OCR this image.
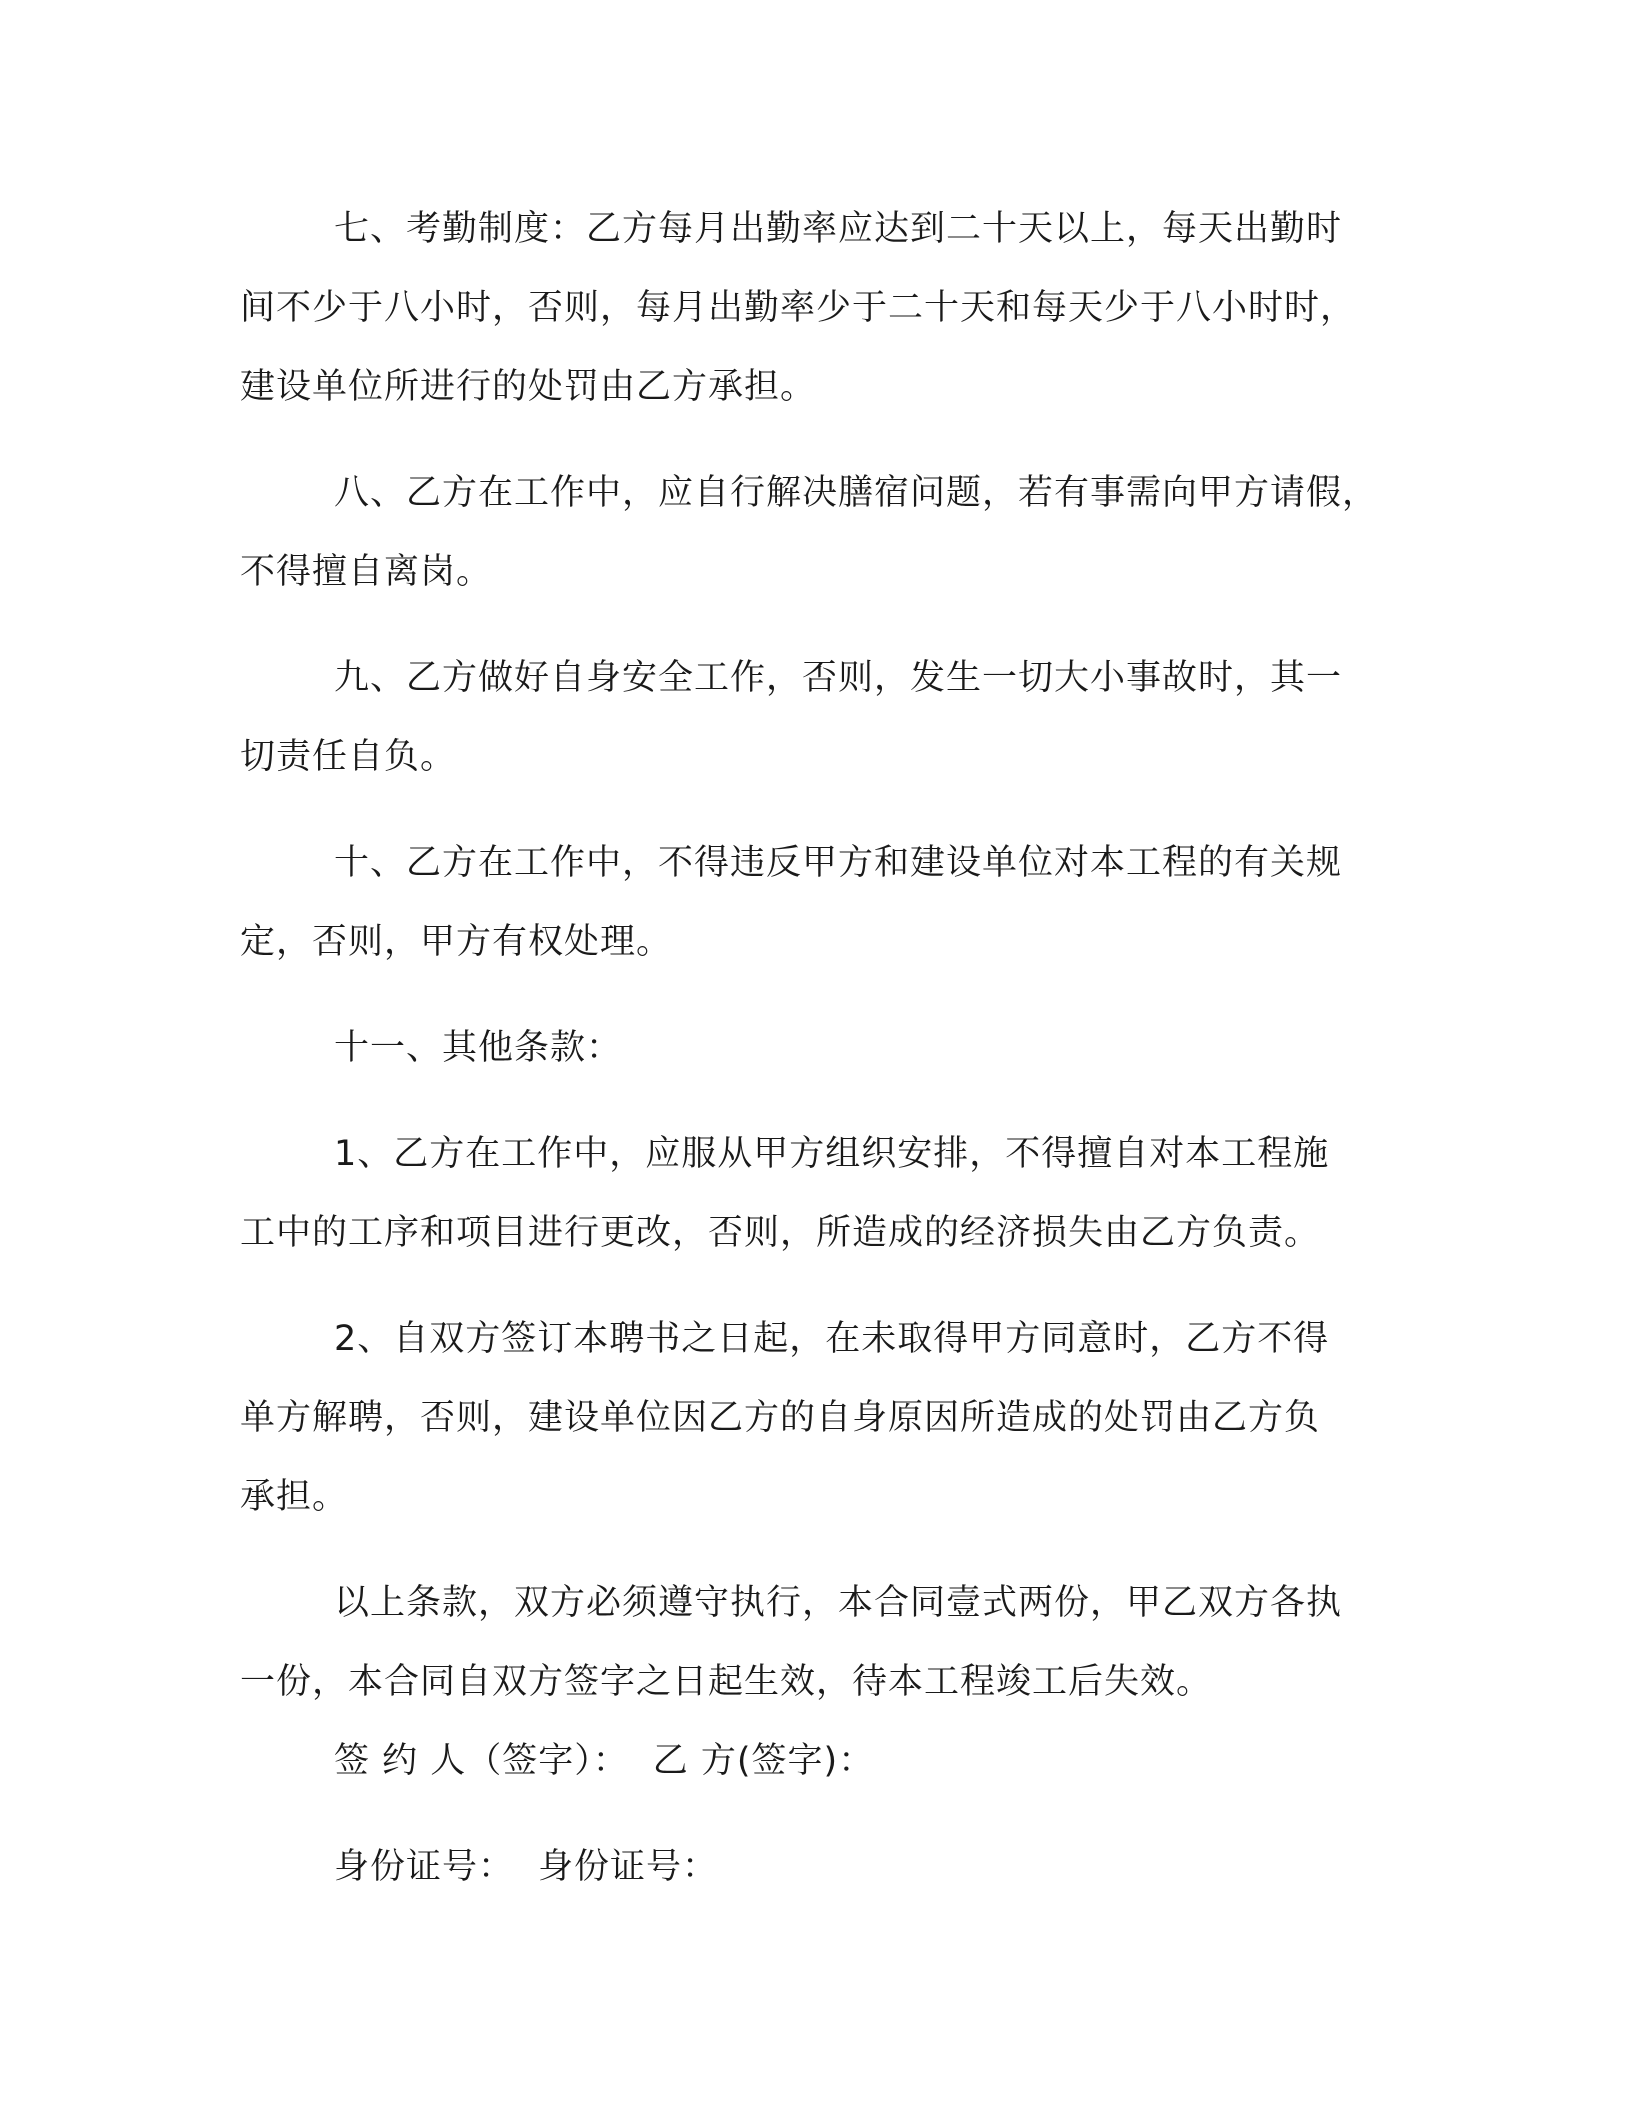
七、考勤制度：乙方每月出勤率应达到二十天以上，每天出勤时
间不少于八小时，否则，每月出勤率少于二十天和每天少于八小时时，
建设单位所进行的处罚由乙方承担。

八、乙方在工作中，应自行解决膳宿问题，若有事需向甲方请假，
不得擅自离岗。

九、乙方做好自身安全工作，否则，发生一切大小事故时，其一
切责任自负。

十、乙方在工作中，不得违反甲方和建设单位对本工程的有关规
定，否则，甲方有权处理。

十一、其他条款：

1、乙方在工作中，应服从甲方组织安排，不得擅自对本工程施
工中的工序和项目进行更改，否则，所造成的经济损失由乙方负责。

2、自双方签订本聘书之日起，在未取得甲方同意时，乙方不得
单方解聘，否则，建设单位因乙方的自身原因所造成的处罚由乙方负
承担。

以上条款，双方必须遵守执行，本合同壹式两份，甲乙双方各执
一份，本合同自双方签字之日起生效，待本工程竣工后失效。

签 约 人（签字）： 乙 方(签字)：

身份证号： 身份证号：
